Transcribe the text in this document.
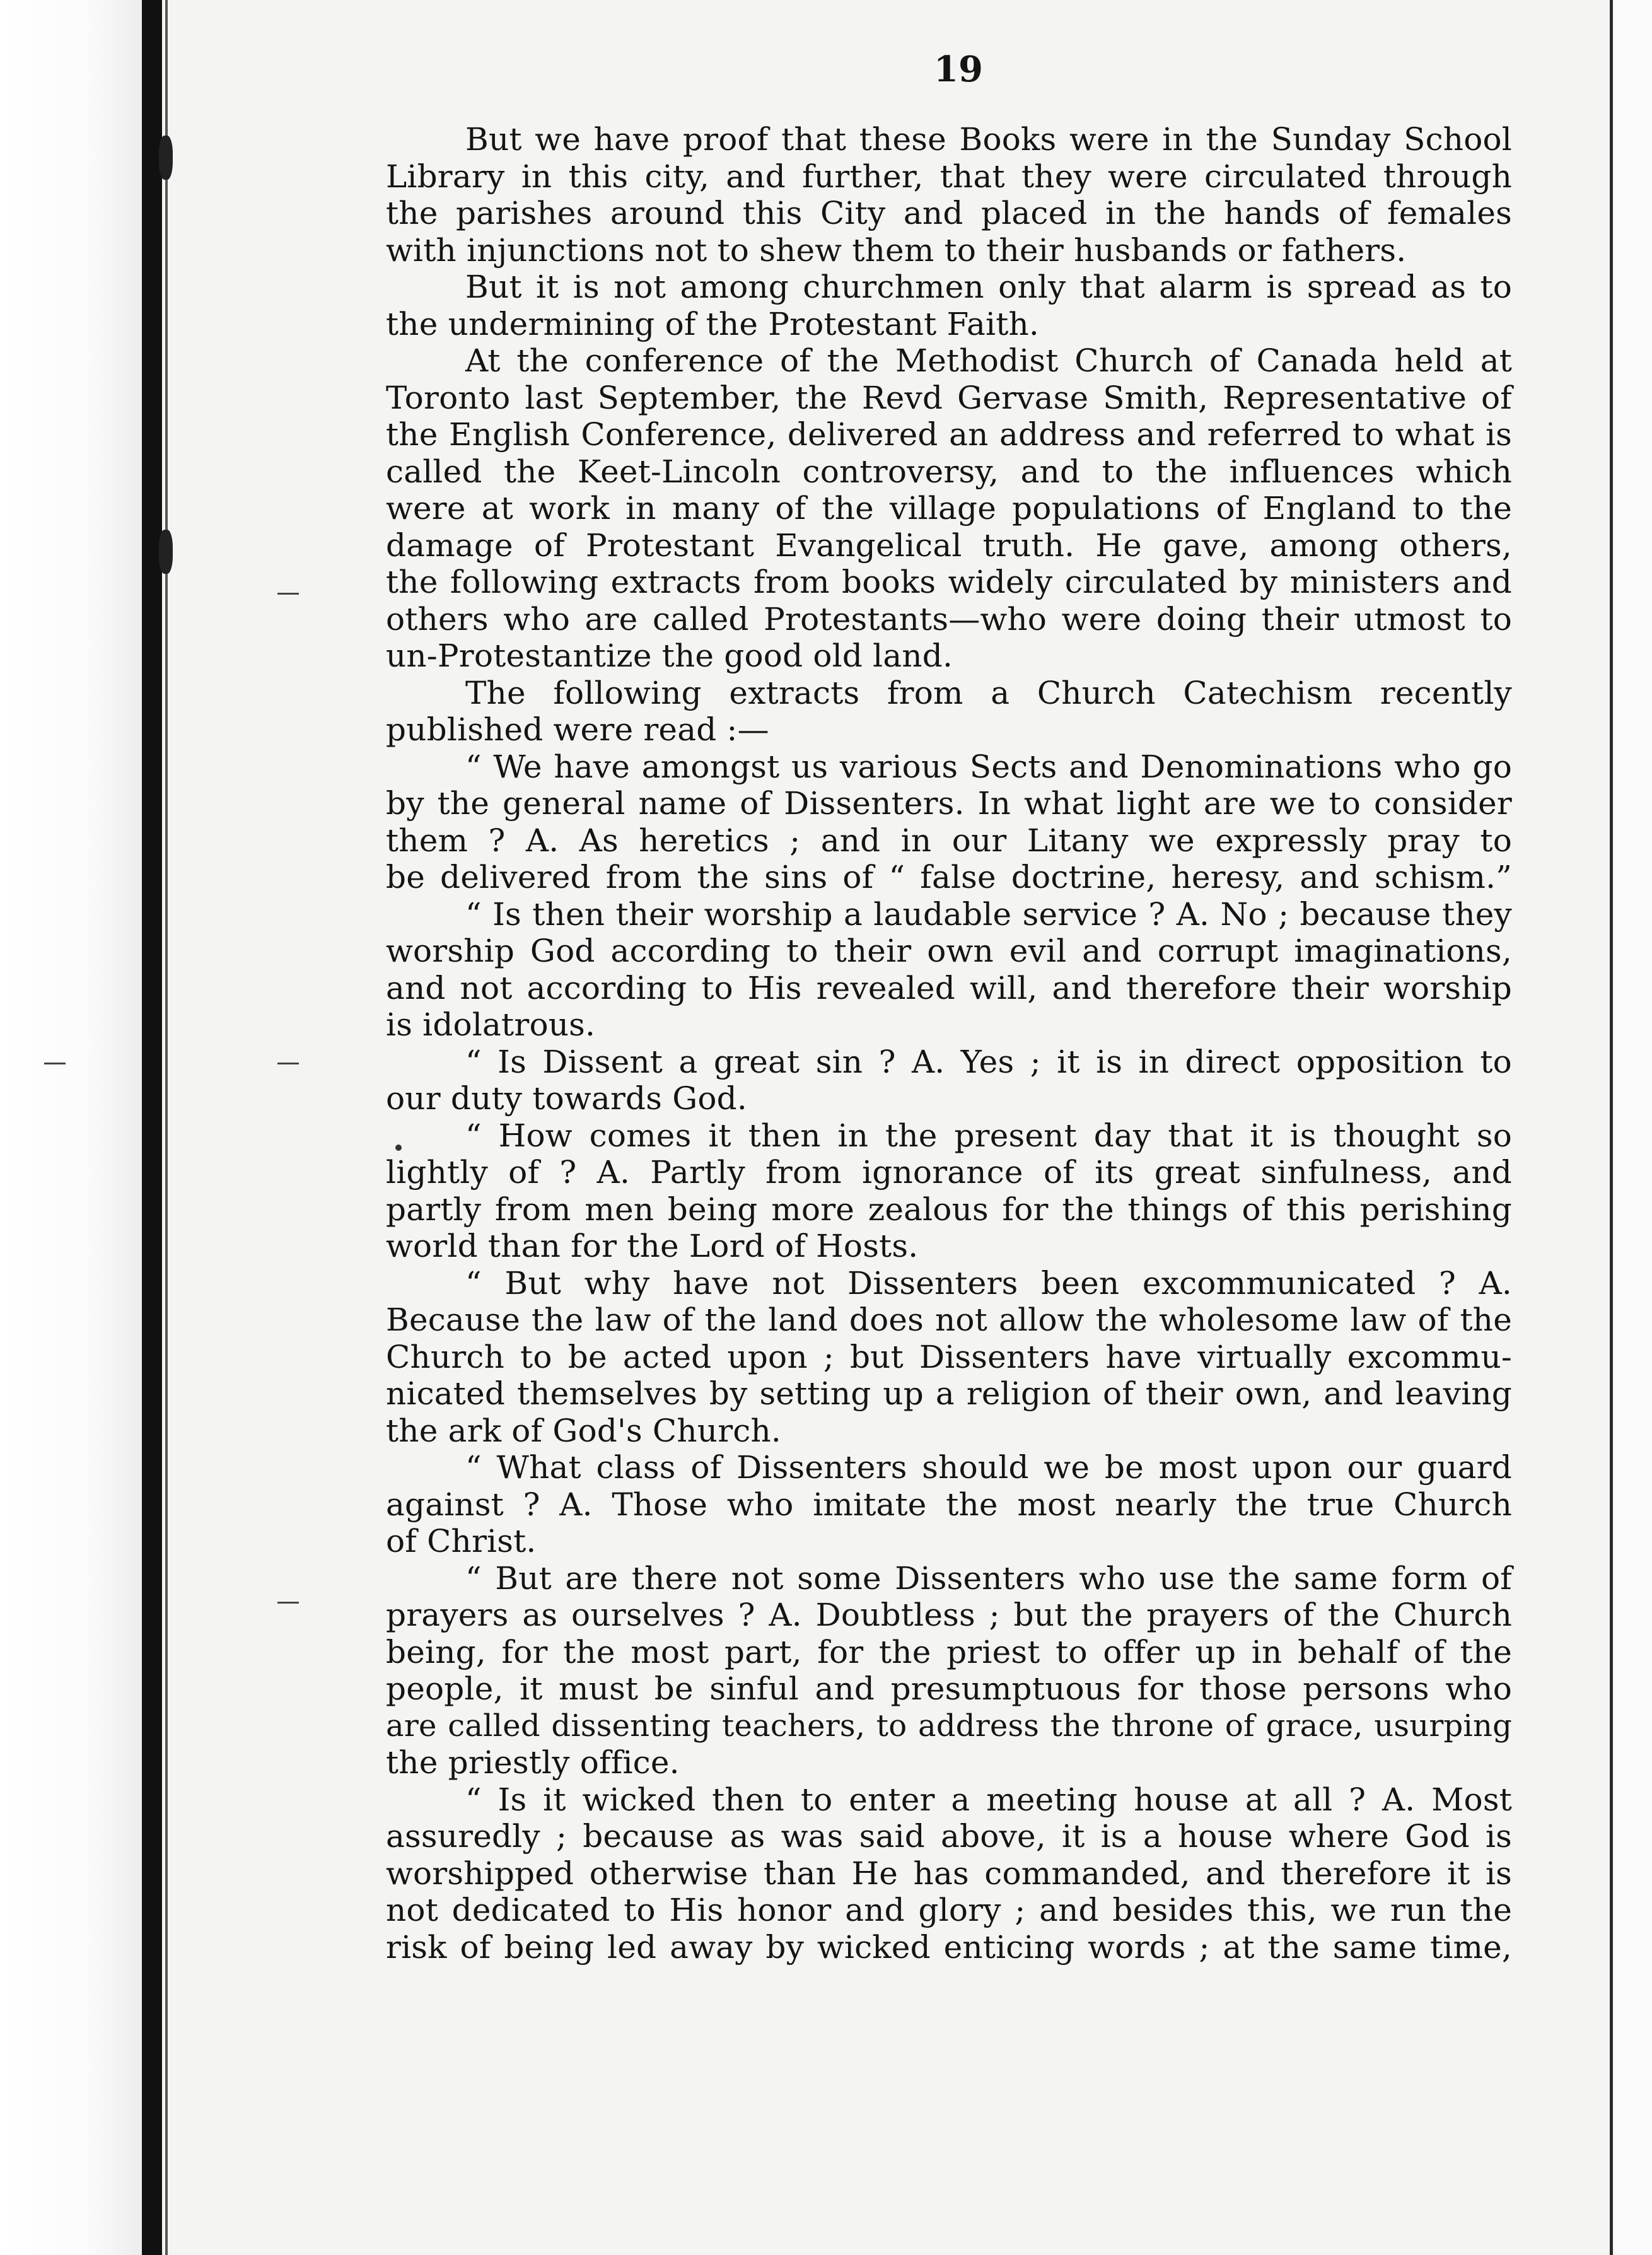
19
But we have proof that these Books were in the Sunday School
Library in this city, and further, that they were circulated through
the parishes around this City and placed in the hands of females
with injunctions not to shew them to their husbands or fathers.
But it is not among churchmen only that alarm is spread as to
the undermining of the Protestant Faith.
At the conference of the Methodist Church of Canada held at
Toronto last September, the Revd Gervase Smith, Representative of
the English Conference, delivered an address and referred to what is
called the Keet-Lincoln controversy, and to the influences which
were at work in many of the village populations of England to the
damage of Protestant Evangelical truth. He gave, among others,
the following extracts from books widely circulated by ministers and
others who are called Protestants—who were doing their utmost to
un-Protestantize the good old land.
The following extracts from a Church Catechism recently
published were read :—
“ We have amongst us various Sects and Denominations who go
by the general name of Dissenters. In what light are we to consider
them ? A. As heretics ; and in our Litany we expressly pray to
be delivered from the sins of “ false doctrine, heresy, and schism.”
“ Is then their worship a laudable service ? A. No ; because they
worship God according to their own evil and corrupt imaginations,
and not according to His revealed will, and therefore their worship
is idolatrous.
“ Is Dissent a great sin ? A. Yes ; it is in direct opposition to
our duty towards God.
“ How comes it then in the present day that it is thought so
lightly of ? A. Partly from ignorance of its great sinfulness, and
partly from men being more zealous for the things of this perishing
world than for the Lord of Hosts.
“ But why have not Dissenters been excommunicated ? A.
Because the law of the land does not allow the wholesome law of the
Church to be acted upon ; but Dissenters have virtually excommu-
nicated themselves by setting up a religion of their own, and leaving
the ark of God's Church.
“ What class of Dissenters should we be most upon our guard
against ? A. Those who imitate the most nearly the true Church
of Christ.
“ But are there not some Dissenters who use the same form of
prayers as ourselves ? A. Doubtless ; but the prayers of the Church
being, for the most part, for the priest to offer up in behalf of the
people, it must be sinful and presumptuous for those persons who
are called dissenting teachers, to address the throne of grace, usurping
the priestly office.
“ Is it wicked then to enter a meeting house at all ? A. Most
assuredly ; because as was said above, it is a house where God is
worshipped otherwise than He has commanded, and therefore it is
not dedicated to His honor and glory ; and besides this, we run the
risk of being led away by wicked enticing words ; at the same time,
